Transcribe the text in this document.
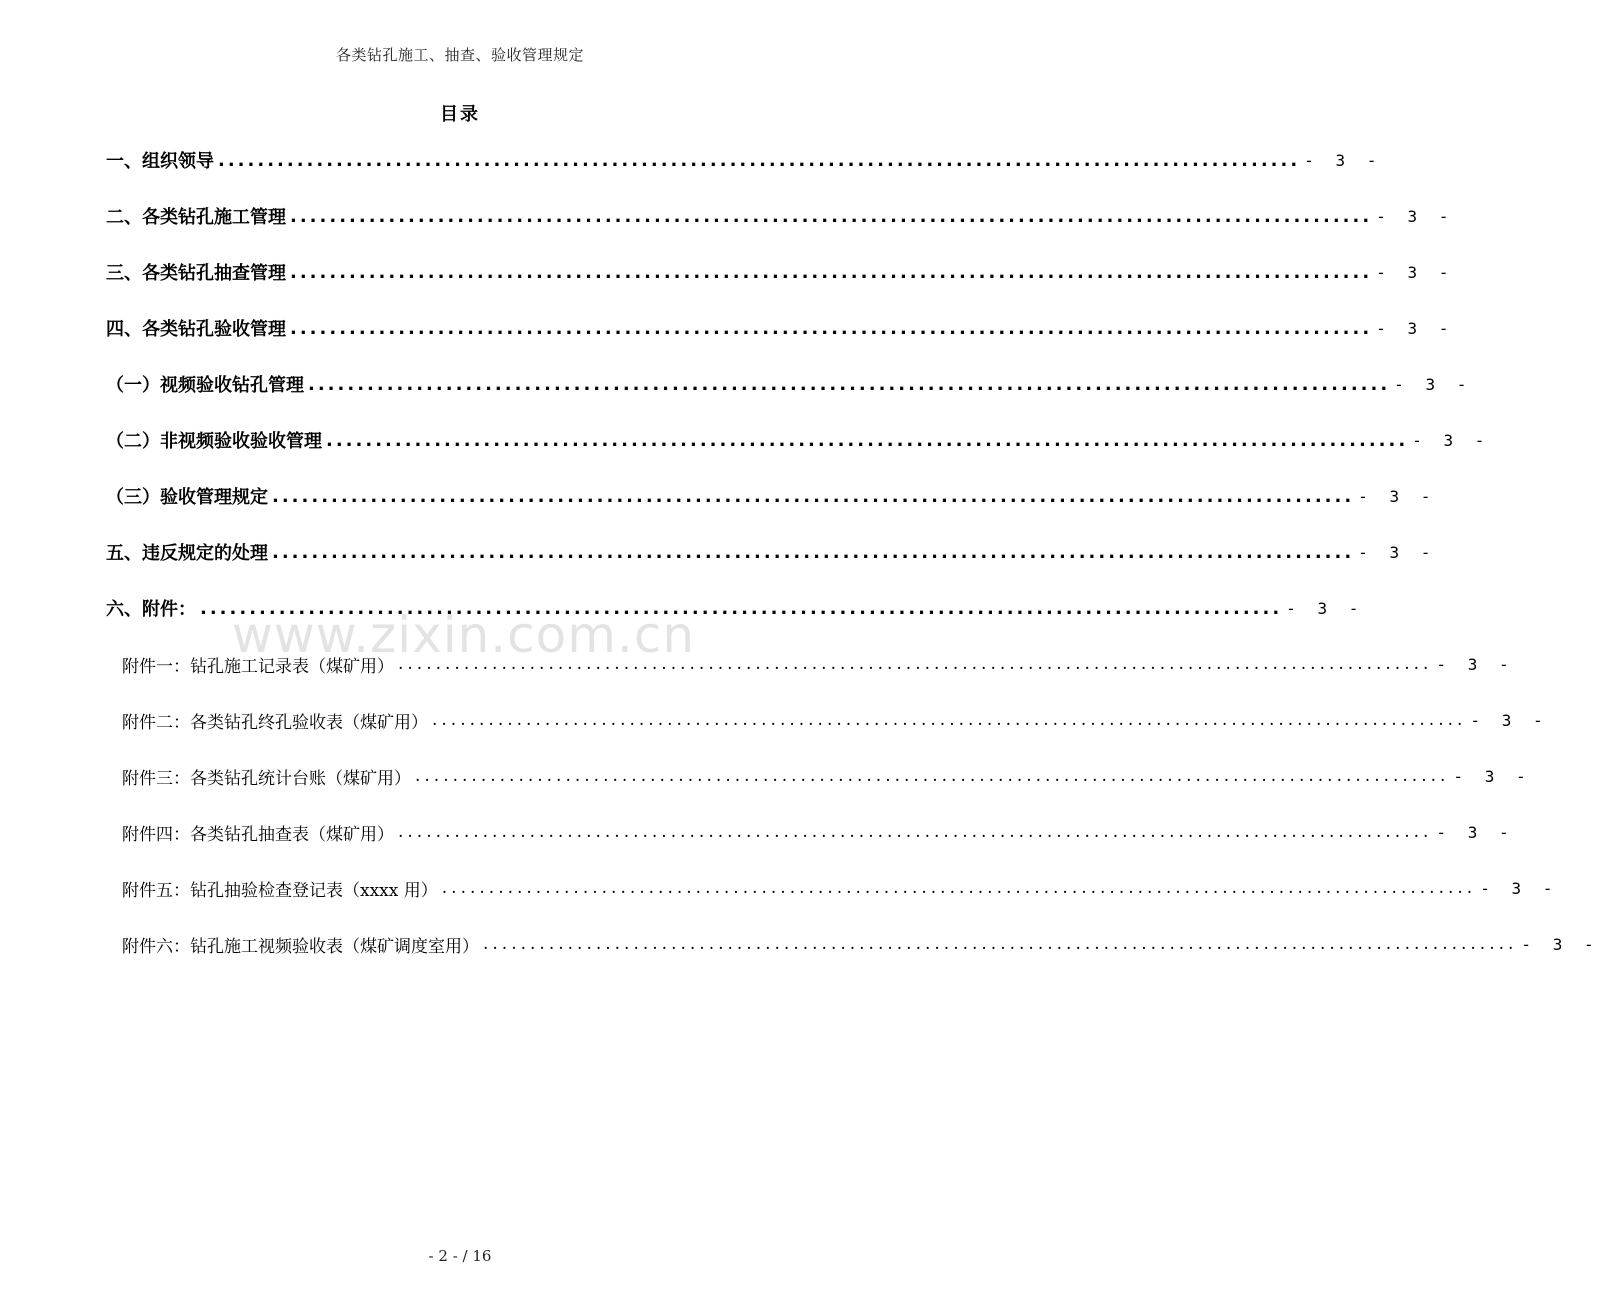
各类钻孔施工、抽查、验收管理规定
目录
一、 组织领导 .............................................................................................................. - 3 -
二、 各类钻孔施工管理 .............................................................................................................. - 3 -
三、 各类钻孔抽查管理 .............................................................................................................. - 3 -
四、 各类钻孔验收管理 .............................................................................................................. - 3 -
（一）视频验收钻孔管理 .............................................................................................................. - 3 -
（二）非视频验收验收管理 .............................................................................................................. - 3 -
（三）验收管理规定 .............................................................................................................. - 3 -
五、 违反规定的处理 .............................................................................................................. - 3 -
六、 附件： .............................................................................................................. - 3 -
附件一：钻孔施工记录表（煤矿用） .............................................................................................................. - 3 -
附件二：各类钻孔终孔验收表（煤矿用） .............................................................................................................. - 3 -
附件三：各类钻孔统计台账（煤矿用） .............................................................................................................. - 3 -
附件四：各类钻孔抽查表（煤矿用） .............................................................................................................. - 3 -
附件五：钻孔抽验检查登记表（xxxx 用） .............................................................................................................. - 3 -
附件六：钻孔施工视频验收表（煤矿调度室用） .............................................................................................................. - 3 -
www.zixin.com.cn
- 2 - / 16
